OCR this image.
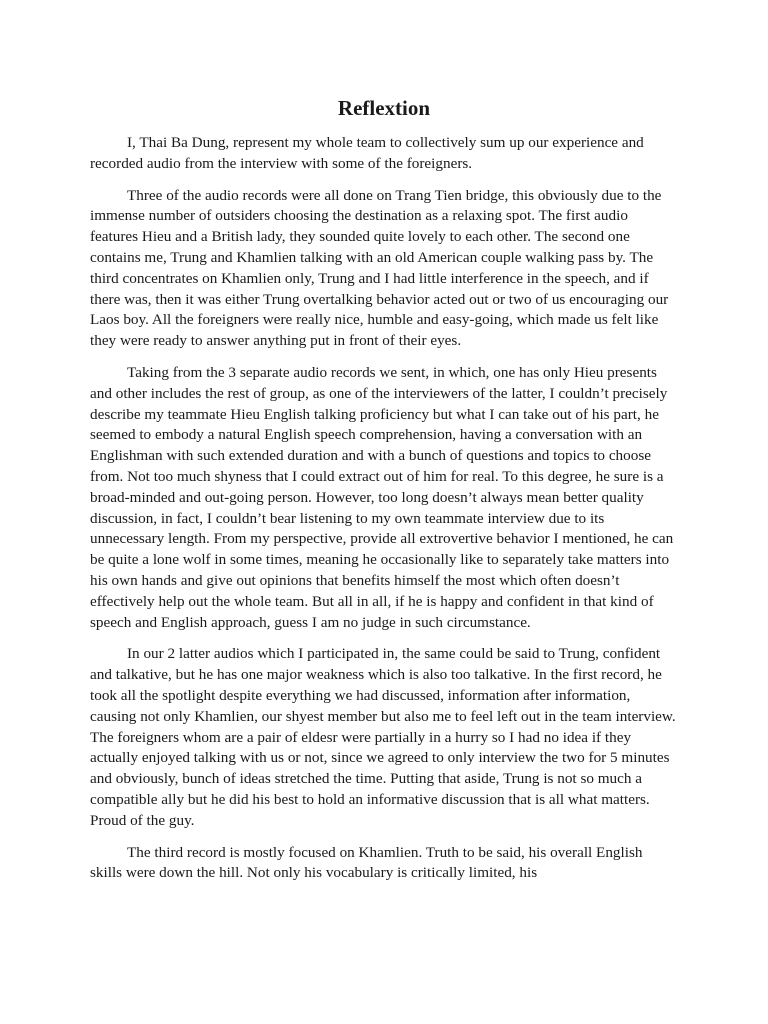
Reflextion

I, Thai Ba Dung, represent my whole team to collectively sum up our experience and recorded audio from the interview with some of the foreigners.

Three of the audio records were all done on Trang Tien bridge, this obviously due to the immense number of outsiders choosing the destination as a relaxing spot. The first audio features Hieu and a British lady, they sounded quite lovely to each other. The second one contains me, Trung and Khamlien talking with an old American couple walking pass by. The third concentrates on Khamlien only, Trung and I had little interference in the speech, and if there was, then it was either Trung overtalking behavior acted out or two of us encouraging our Laos boy. All the foreigners were really nice, humble and easy-going, which made us felt like they were ready to answer anything put in front of their eyes.

Taking from the 3 separate audio records we sent, in which, one has only Hieu presents and other includes the rest of group, as one of the interviewers of the latter, I couldn’t precisely describe my teammate Hieu English talking proficiency but what I can take out of his part, he seemed to embody a natural English speech comprehension, having a conversation with an Englishman with such extended duration and with a bunch of questions and topics to choose from. Not too much shyness that I could extract out of him for real. To this degree, he sure is a broad-minded and out-going person. However, too long doesn’t always mean better quality discussion, in fact, I couldn’t bear listening to my own teammate interview due to its unnecessary length. From my perspective, provide all extrovertive behavior I mentioned, he can be quite a lone wolf in some times, meaning he occasionally like to separately take matters into his own hands and give out opinions that benefits himself the most which often doesn’t effectively help out the whole team. But all in all, if he is happy and confident in that kind of speech and English approach, guess I am no judge in such circumstance.

In our 2 latter audios which I participated in, the same could be said to Trung, confident and talkative, but he has one major weakness which is also too talkative. In the first record, he took all the spotlight despite everything we had discussed, information after information, causing not only Khamlien, our shyest member but also me to feel left out in the team interview. The foreigners whom are a pair of eldesr were partially in a hurry so I had no idea if they actually enjoyed talking with us or not, since we agreed to only interview the two for 5 minutes and obviously, bunch of ideas stretched the time. Putting that aside, Trung is not so much a compatible ally but he did his best to hold an informative discussion that is all what matters. Proud of the guy.

The third record is mostly focused on Khamlien. Truth to be said, his overall English skills were down the hill. Not only his vocabulary is critically limited, his
